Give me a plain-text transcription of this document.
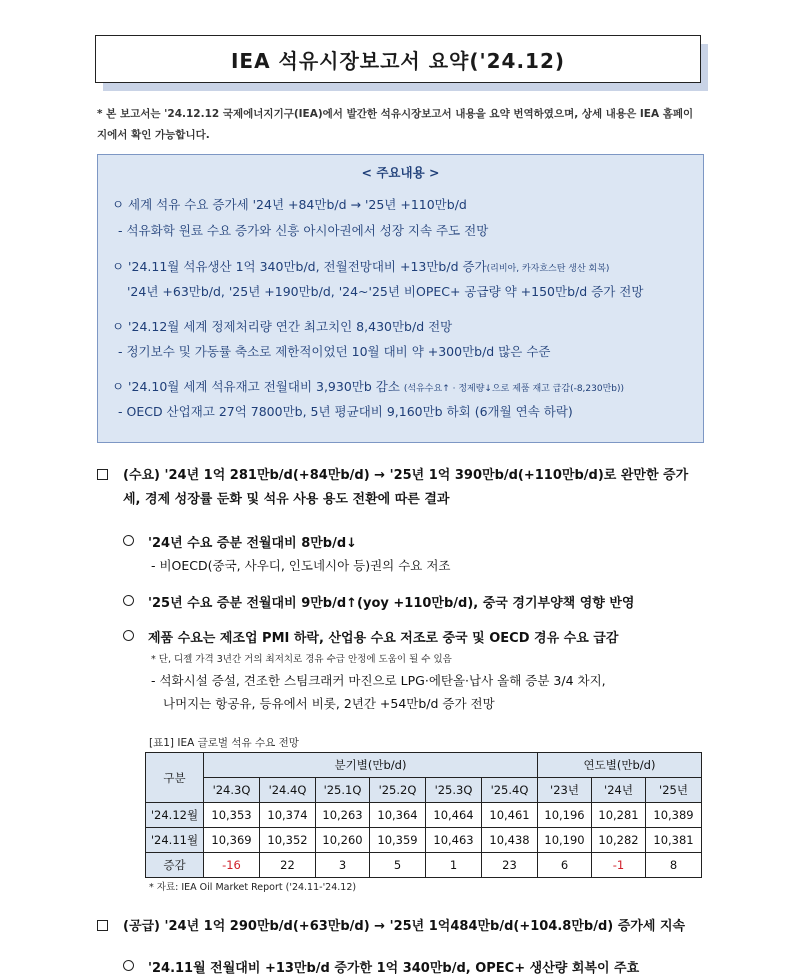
IEA 석유시장보고서 요약('24.12)
* 본 보고서는 '24.12.12 국제에너지기구(IEA)에서 발간한 석유시장보고서 내용을 요약 번역하였으며, 상세 내용은 IEA 홈페이지에서 확인 가능합니다.
< 주요내용 >
ㅇ 세계 석유 수요 증가세 '24년 +84만b/d → '25년 +110만b/d
- 석유화학 원료 수요 증가와 신흥 아시아권에서 성장 지속 주도 전망
ㅇ '24.11월 석유생산 1억 340만b/d, 전월전망대비 +13만b/d 증가(리비아, 카자흐스탄 생산 회복)
'24년 +63만b/d, '25년 +190만b/d, '24~'25년 비OPEC+ 공급량 약 +150만b/d 증가 전망
ㅇ '24.12월 세계 정제처리량 연간 최고치인 8,430만b/d 전망
- 정기보수 및 가동률 축소로 제한적이었던 10월 대비 약 +300만b/d 많은 수준
ㅇ '24.10월 세계 석유재고 전월대비 3,930만b 감소 (석유수요↑ · 정제량↓으로 제품 재고 급감(-8,230만b))
- OECD 산업재고 27억 7800만b, 5년 평균대비 9,160만b 하회 (6개월 연속 하락)
(수요) '24년 1억 281만b/d(+84만b/d) → '25년 1억 390만b/d(+110만b/d)로 완만한 증가세, 경제 성장률 둔화 및 석유 사용 용도 전환에 따른 결과
'24년 수요 증분 전월대비 8만b/d↓
- 비OECD(중국, 사우디, 인도네시아 등)권의 수요 저조
'25년 수요 증분 전월대비 9만b/d↑(yoy +110만b/d), 중국 경기부양책 영향 반영
제품 수요는 제조업 PMI 하락, 산업용 수요 저조로 중국 및 OECD 경유 수요 급감
* 단, 디젤 가격 3년간 거의 최저치로 경유 수급 안정에 도움이 될 수 있음
- 석화시설 증설, 견조한 스팀크래커 마진으로 LPG·에탄올·납사 올해 증분 3/4 차지,
나머지는 항공유, 등유에서 비롯, 2년간 +54만b/d 증가 전망
[표1] IEA 글로벌 석유 수요 전망
구분	분기별(만b/d)						연도별(만b/d)		
	'24.3Q	'24.4Q	'25.1Q	'25.2Q	'25.3Q	'25.4Q	'23년	'24년	'25년
'24.12월	10,353	10,374	10,263	10,364	10,464	10,461	10,196	10,281	10,389
'24.11월	10,369	10,352	10,260	10,359	10,463	10,438	10,190	10,282	10,381
증감	-16	22	3	5	1	23	6	-1	8
* 자료: IEA Oil Market Report ('24.11-'24.12)
(공급) '24년 1억 290만b/d(+63만b/d) → '25년 1억484만b/d(+104.8만b/d) 증가세 지속
'24.11월 전월대비 +13만b/d 증가한 1억 340만b/d, OPEC+ 생산량 회복이 주효
